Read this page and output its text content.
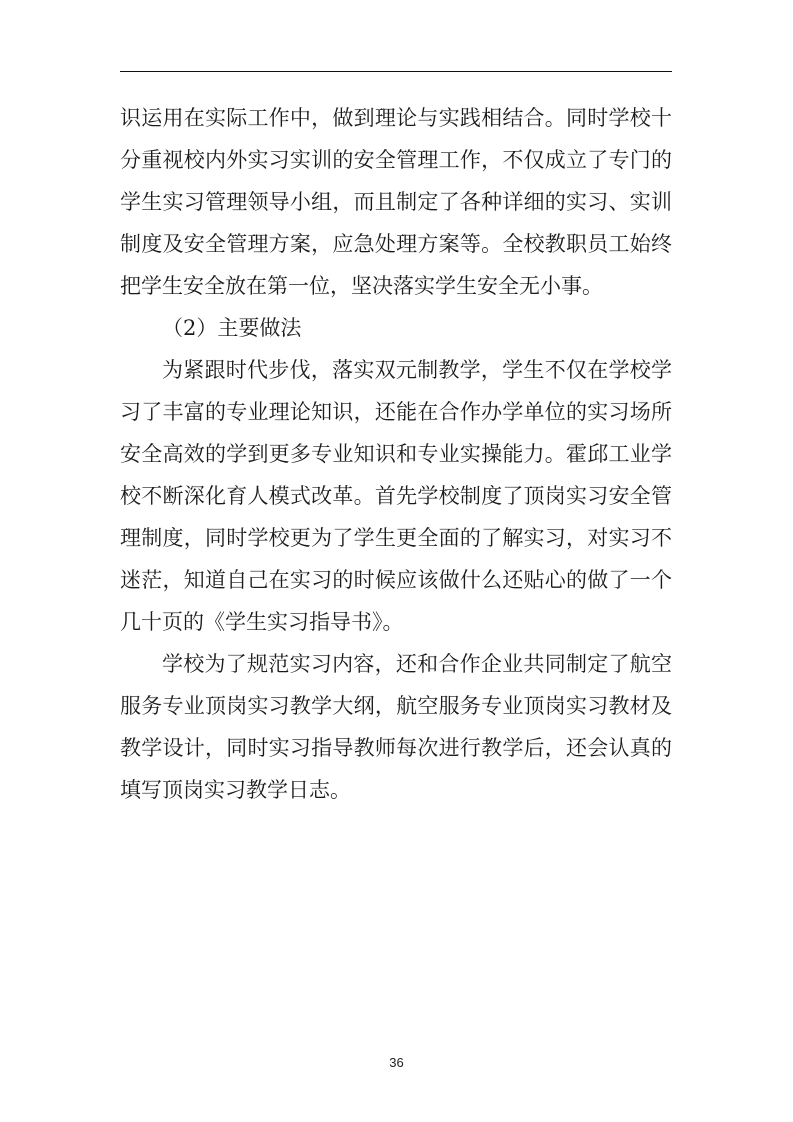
识运用在实际工作中，做到理论与实践相结合。同时学校十
分重视校内外实习实训的安全管理工作，不仅成立了专门的
学生实习管理领导小组，而且制定了各种详细的实习、实训
制度及安全管理方案，应急处理方案等。全校教职员工始终
把学生安全放在第一位，坚决落实学生安全无小事。
（2）主要做法
为紧跟时代步伐，落实双元制教学，学生不仅在学校学
习了丰富的专业理论知识，还能在合作办学单位的实习场所
安全高效的学到更多专业知识和专业实操能力。霍邱工业学
校不断深化育人模式改革。首先学校制度了顶岗实习安全管
理制度，同时学校更为了学生更全面的了解实习，对实习不
迷茫，知道自己在实习的时候应该做什么还贴心的做了一个
几十页的《学生实习指导书》。
学校为了规范实习内容，还和合作企业共同制定了航空
服务专业顶岗实习教学大纲，航空服务专业顶岗实习教材及
教学设计，同时实习指导教师每次进行教学后，还会认真的
填写顶岗实习教学日志。
36
